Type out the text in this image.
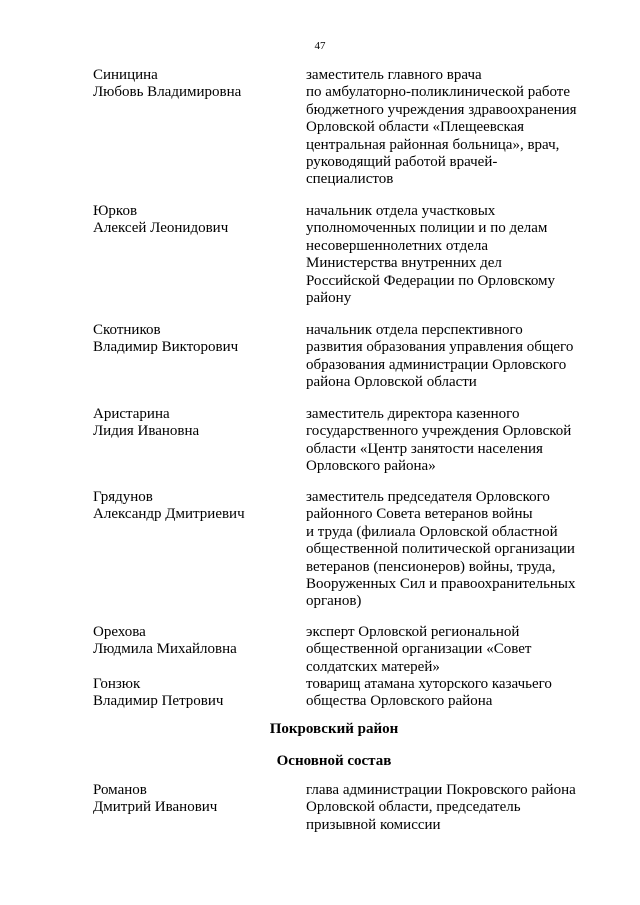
47
Синицина
Любовь Владимировна
заместитель главного врача
по амбулаторно-поликлинической работе
бюджетного учреждения здравоохранения
Орловской области «Плещеевская
центральная районная больница», врач,
руководящий работой врачей-
специалистов
Юрков
Алексей Леонидович
начальник отдела участковых
уполномоченных полиции и по делам
несовершеннолетних отдела
Министерства внутренних дел
Российской Федерации по Орловскому
району
Скотников
Владимир Викторович
начальник отдела перспективного
развития образования управления общего
образования администрации Орловского
района Орловской области
Аристарина
Лидия Ивановна
заместитель директора казенного
государственного учреждения Орловской
области «Центр занятости населения
Орловского района»
Грядунов
Александр Дмитриевич
заместитель председателя Орловского
районного Совета ветеранов войны
и труда (филиала Орловской областной
общественной политической организации
ветеранов (пенсионеров) войны, труда,
Вооруженных Сил и правоохранительных
органов)
Орехова
Людмила Михайловна
эксперт Орловской региональной
общественной организации «Совет
солдатских матерей»
Гонзюк
Владимир Петрович
товарищ атамана хуторского казачьего
общества Орловского района
Покровский район
Основной состав
Романов
Дмитрий Иванович
глава администрации Покровского района
Орловской области, председатель
призывной комиссии
